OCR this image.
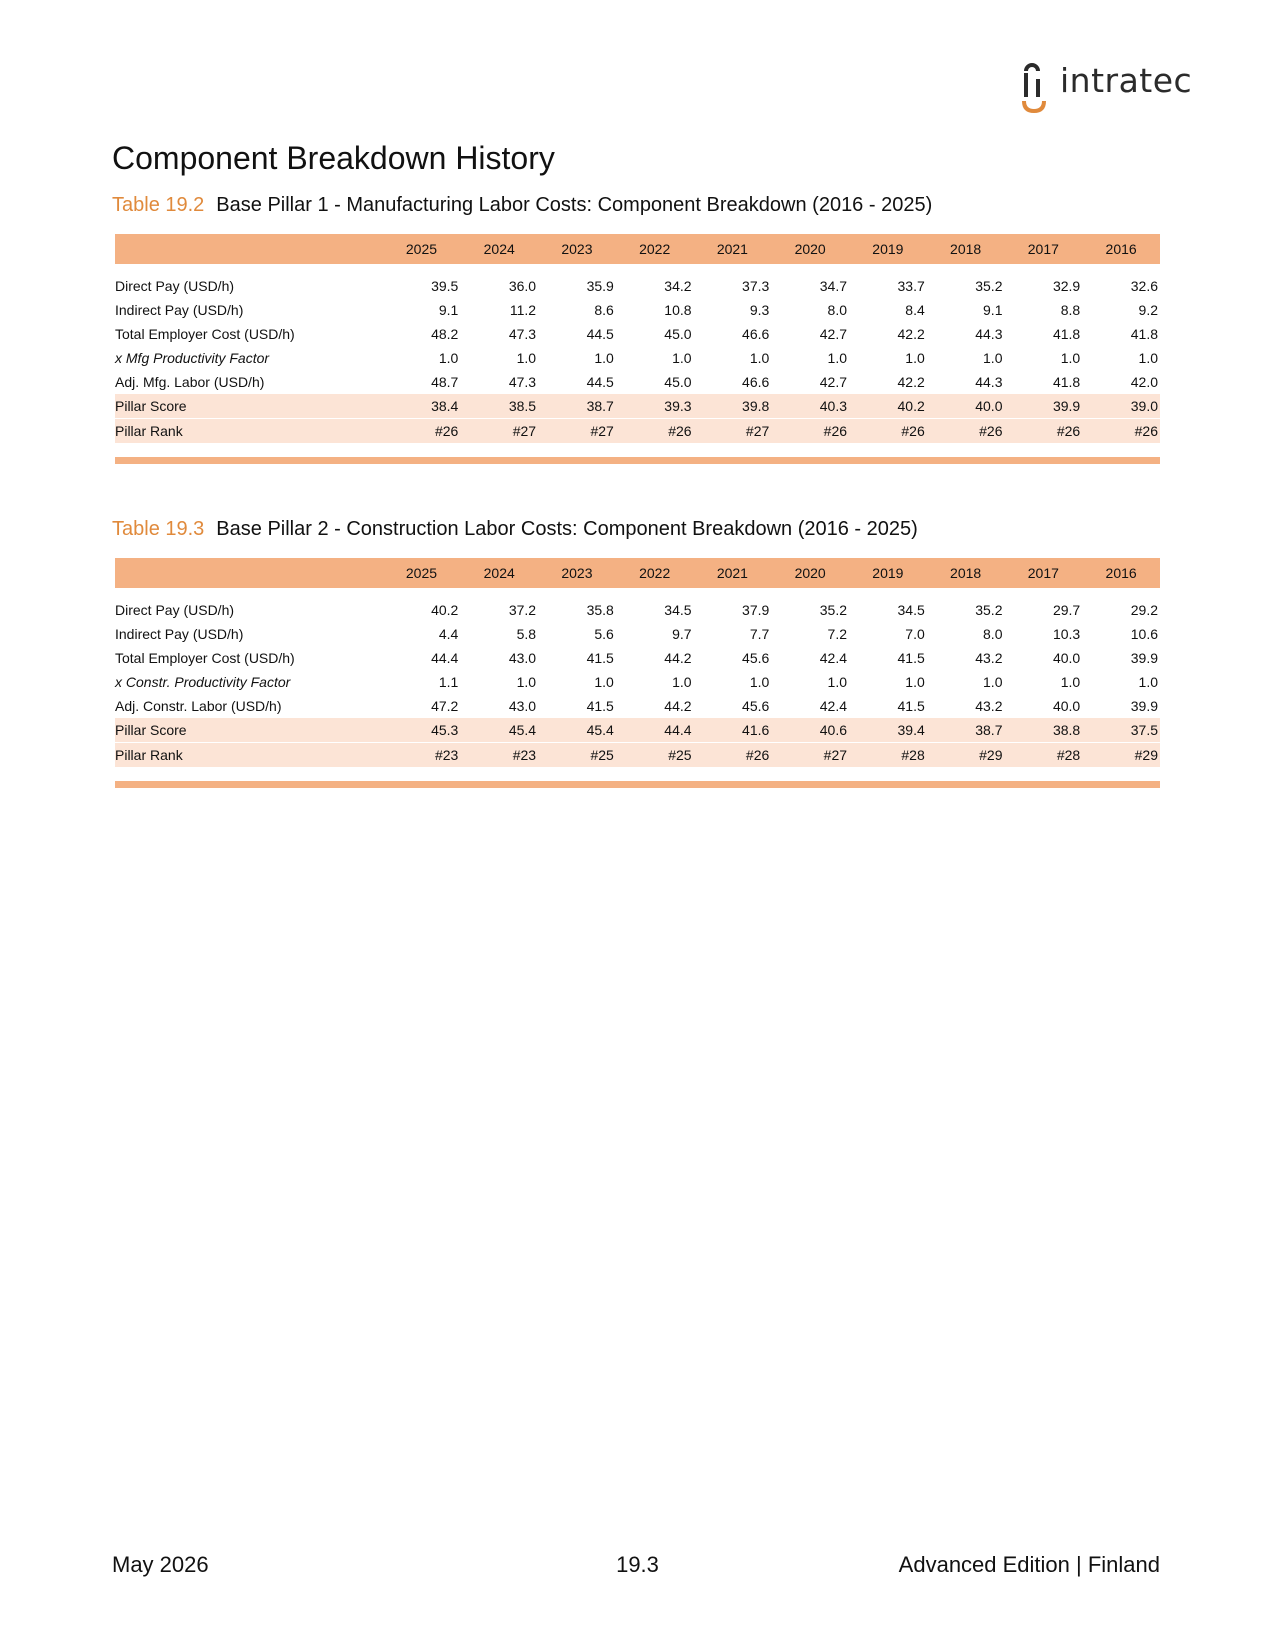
intratec
Component Breakdown History
Table 19.2 Base Pillar 1 - Manufacturing Labor Costs: Component Breakdown (2016 - 2025)
	2025	2024	2023	2022	2021	2020	2019	2018	2017	2016

Direct Pay (USD/h)	39.5	36.0	35.9	34.2	37.3	34.7	33.7	35.2	32.9	32.6
Indirect Pay (USD/h)	9.1	11.2	8.6	10.8	9.3	8.0	8.4	9.1	8.8	9.2
Total Employer Cost (USD/h)	48.2	47.3	44.5	45.0	46.6	42.7	42.2	44.3	41.8	41.8
x Mfg Productivity Factor	1.0	1.0	1.0	1.0	1.0	1.0	1.0	1.0	1.0	1.0
Adj. Mfg. Labor (USD/h)	48.7	47.3	44.5	45.0	46.6	42.7	42.2	44.3	41.8	42.0
Pillar Score	38.4	38.5	38.7	39.3	39.8	40.3	40.2	40.0	39.9	39.0
Pillar Rank	#26	#27	#27	#26	#27	#26	#26	#26	#26	#26

Table 19.3 Base Pillar 2 - Construction Labor Costs: Component Breakdown (2016 - 2025)
	2025	2024	2023	2022	2021	2020	2019	2018	2017	2016

Direct Pay (USD/h)	40.2	37.2	35.8	34.5	37.9	35.2	34.5	35.2	29.7	29.2
Indirect Pay (USD/h)	4.4	5.8	5.6	9.7	7.7	7.2	7.0	8.0	10.3	10.6
Total Employer Cost (USD/h)	44.4	43.0	41.5	44.2	45.6	42.4	41.5	43.2	40.0	39.9
x Constr. Productivity Factor	1.1	1.0	1.0	1.0	1.0	1.0	1.0	1.0	1.0	1.0
Adj. Constr. Labor (USD/h)	47.2	43.0	41.5	44.2	45.6	42.4	41.5	43.2	40.0	39.9
Pillar Score	45.3	45.4	45.4	44.4	41.6	40.6	39.4	38.7	38.8	37.5
Pillar Rank	#23	#23	#25	#25	#26	#27	#28	#29	#28	#29

May 2026	19.3	Advanced Edition | Finland
